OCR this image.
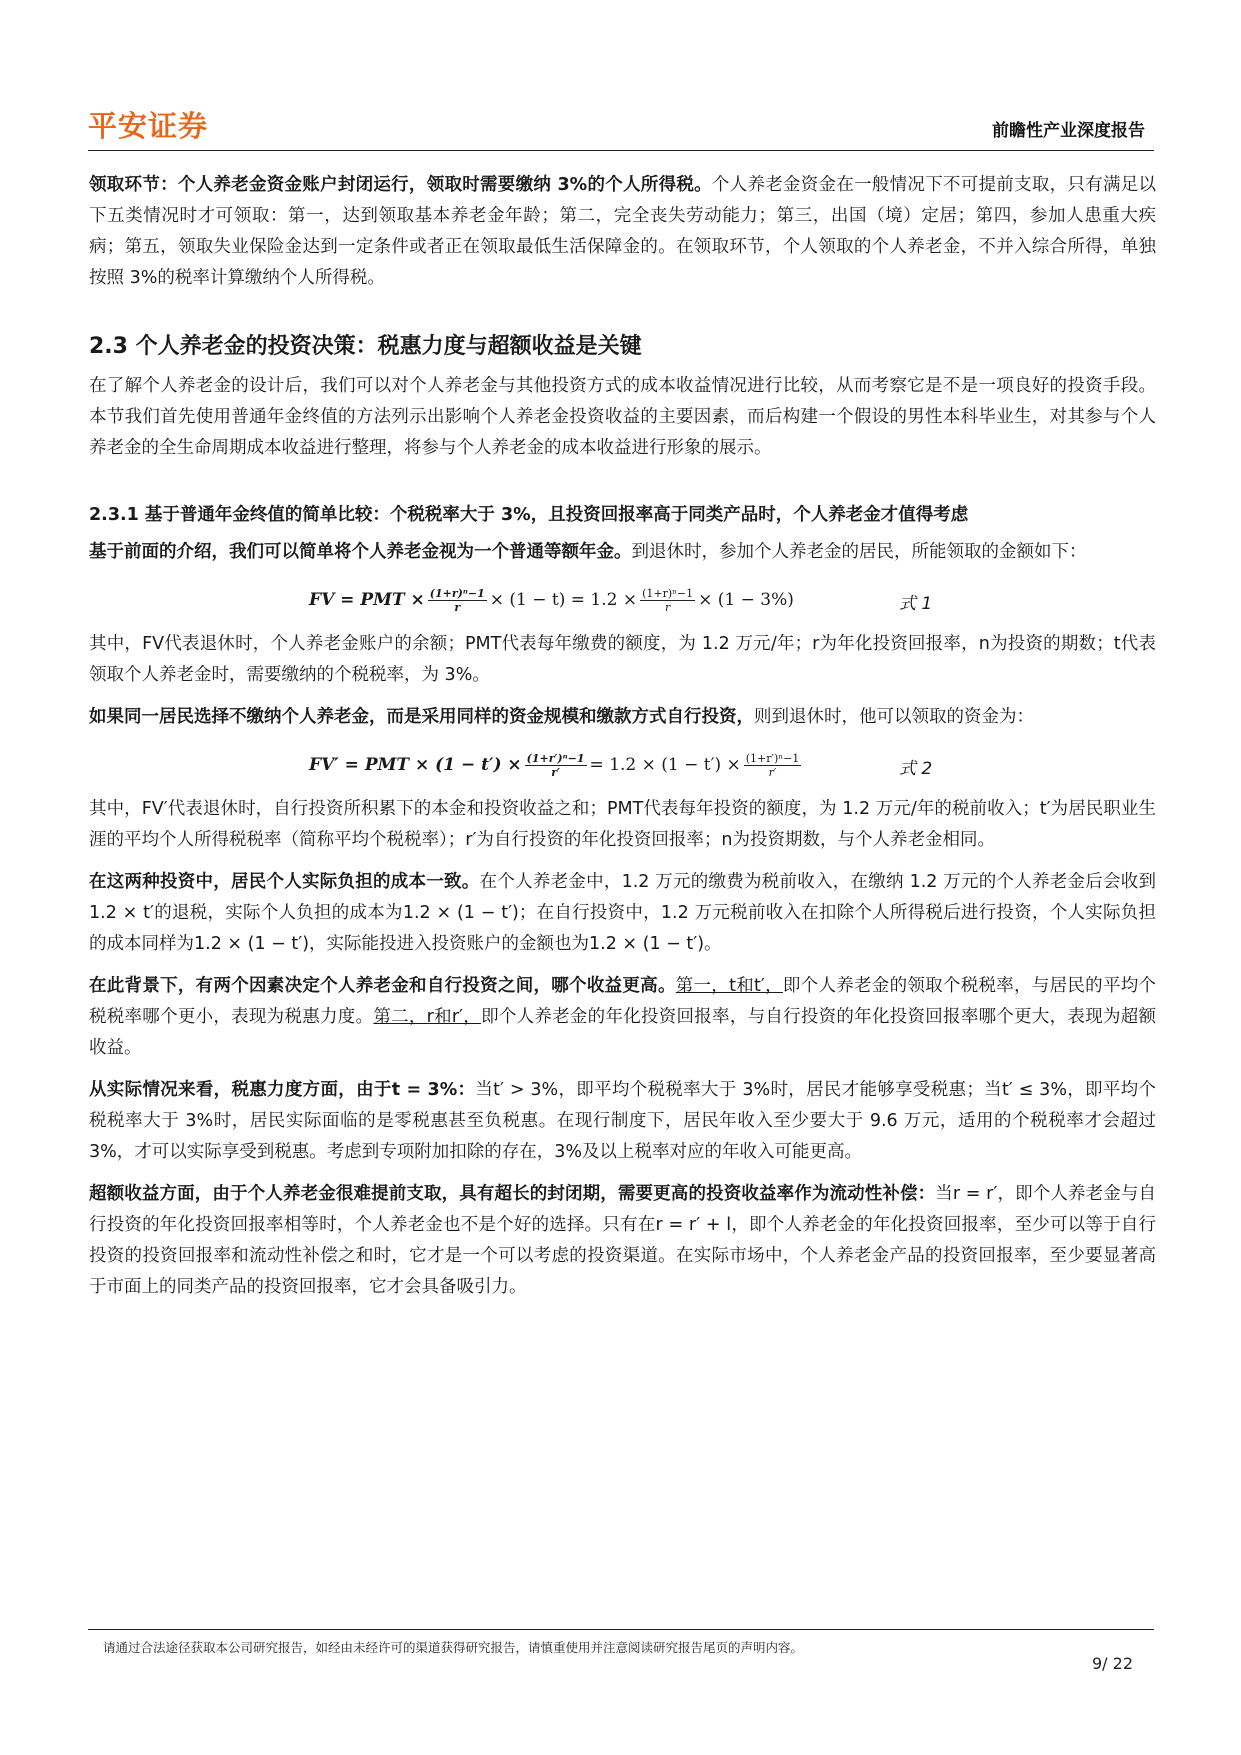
平安证券	前瞻性产业深度报告

领取环节：个人养老金资金账户封闭运行，领取时需要缴纳 3%的个人所得税。个人养老金资金在一般情况下不可提前支取，只有满足以下五类情况时才可领取：第一，达到领取基本养老金年龄；第二，完全丧失劳动能力；第三，出国（境）定居；第四，参加人患重大疾病；第五，领取失业保险金达到一定条件或者正在领取最低生活保障金的。在领取环节，个人领取的个人养老金，不并入综合所得，单独按照 3%的税率计算缴纳个人所得税。

2.3 个人养老金的投资决策：税惠力度与超额收益是关键

在了解个人养老金的设计后，我们可以对个人养老金与其他投资方式的成本收益情况进行比较，从而考察它是不是一项良好的投资手段。本节我们首先使用普通年金终值的方法列示出影响个人养老金投资收益的主要因素，而后构建一个假设的男性本科毕业生，对其参与个人养老金的全生命周期成本收益进行整理，将参与个人养老金的成本收益进行形象的展示。

2.3.1 基于普通年金终值的简单比较：个税税率大于 3%，且投资回报率高于同类产品时，个人养老金才值得考虑

基于前面的介绍，我们可以简单将个人养老金视为一个普通等额年金。到退休时，参加个人养老金的居民，所能领取的金额如下：

FV = PMT × $\frac{\text{(1+r)ⁿ−1}}{r} \times (1 - t) = 1.2 \times \frac{\text{(1+r)ⁿ−1}}{r} \times (1 - 3\%)$	式 1

其中，FV代表退休时，个人养老金账户的余额；PMT代表每年缴费的额度，为 1.2 万元/年；r为年化投资回报率，n为投资的期数；t代表领取个人养老金时，需要缴纳的个税税率，为 3%。

如果同一居民选择不缴纳个人养老金，而是采用同样的资金规模和缴款方式自行投资，则到退休时，他可以领取的资金为：

FV′ = PMT × $(1 - t') \times \frac{\text{(1+r′)ⁿ−1}}{r'} = 1.2 \times (1 - t') \times \frac{\text{(1+r′)ⁿ−1}}{r'}$	式 2

其中，FV′代表退休时，自行投资所积累下的本金和投资收益之和；PMT代表每年投资的额度，为 1.2 万元/年的税前收入；t′为居民职业生涯的平均个人所得税税率（简称平均个税税率）；r′为自行投资的年化投资回报率；n为投资期数，与个人养老金相同。

在这两种投资中，居民个人实际负担的成本一致。在个人养老金中，1.2 万元的缴费为税前收入，在缴纳 1.2 万元的个人养老金后会收到1.2 × t′的退税，实际个人负担的成本为1.2 × (1 − t′)；在自行投资中，1.2 万元税前收入在扣除个人所得税后进行投资，个人实际负担的成本同样为1.2 × (1 − t′)，实际能投进入投资账户的金额也为1.2 × (1 − t′)。

在此背景下，有两个因素决定个人养老金和自行投资之间，哪个收益更高。第一，t和t′，即个人养老金的领取个税税率，与居民的平均个税税率哪个更小，表现为税惠力度。第二，r和r′，即个人养老金的年化投资回报率，与自行投资的年化投资回报率哪个更大，表现为超额收益。

从实际情况来看，税惠力度方面，由于t = 3%：当t′ > 3%，即平均个税税率大于 3%时，居民才能够享受税惠；当t′ ≤ 3%，即平均个税税率大于 3%时，居民实际面临的是零税惠甚至负税惠。在现行制度下，居民年收入至少要大于 9.6 万元，适用的个税税率才会超过 3%，才可以实际享受到税惠。考虑到专项附加扣除的存在，3%及以上税率对应的年收入可能更高。

超额收益方面，由于个人养老金很难提前支取，具有超长的封闭期，需要更高的投资收益率作为流动性补偿：当r = r′，即个人养老金与自行投资的年化投资回报率相等时，个人养老金也不是个好的选择。只有在r = r′ + l，即个人养老金的年化投资回报率，至少可以等于自行投资的投资回报率和流动性补偿之和时，它才是一个可以考虑的投资渠道。在实际市场中，个人养老金产品的投资回报率，至少要显著高于市面上的同类产品的投资回报率，它才会具备吸引力。

请通过合法途径获取本公司研究报告，如经由未经许可的渠道获得研究报告，请慎重使用并注意阅读研究报告尾页的声明内容。
9/ 22
